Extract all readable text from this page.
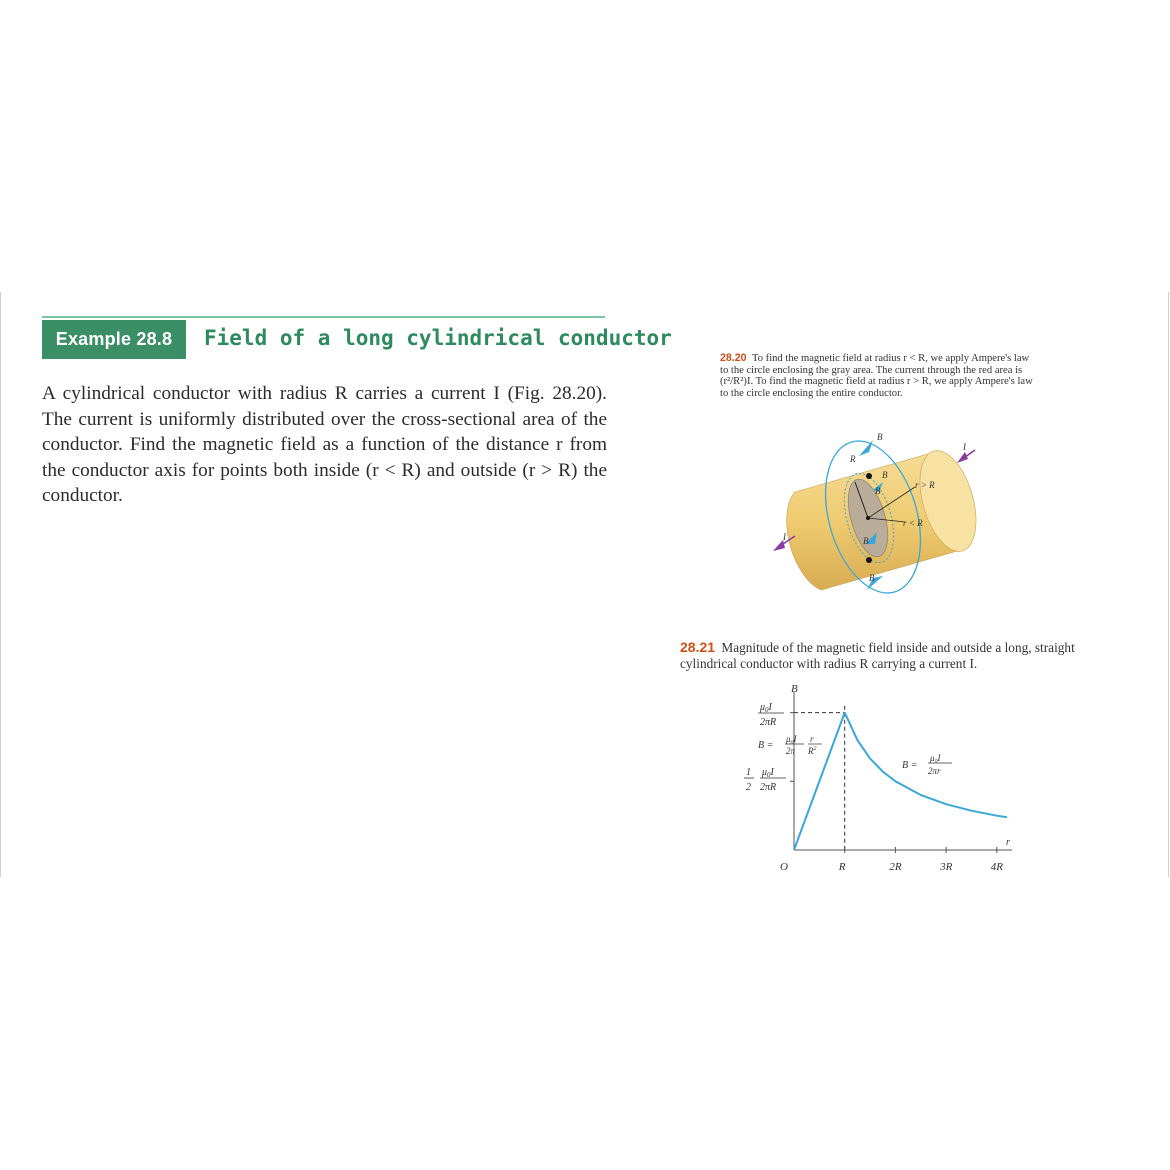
Example 28.8	Field of a long cylindrical conductor
A cylindrical conductor with radius R carries a current I (Fig. 28.20). The current is uniformly distributed over the cross-sectional area of the conductor. Find the magnetic field as a function of the distance r from the conductor axis for points both inside (r < R) and outside (r > R) the conductor.
28.20 To find the magnetic field at radius r < R, we apply Ampere's law to the circle enclosing the gray area. The current through the red area is (r²/R²)I. To find the magnetic field at radius r > R, we apply Ampere's law to the circle enclosing the entire conductor.
B⃗
R
B⃗
B⃗
r > R
r < R
B⃗
B⃗
I
I
28.21 Magnitude of the magnetic field inside and outside a long, straight cylindrical conductor with radius R carrying a current I.
B
r
$\mu_0I$
2πR
1
2
$\mu_0I$
2πR
B =
$\mu_0I$
2π
r
$R^2$
B =
$\mu_0I$
2πr
O	R	2R	3R	4R
